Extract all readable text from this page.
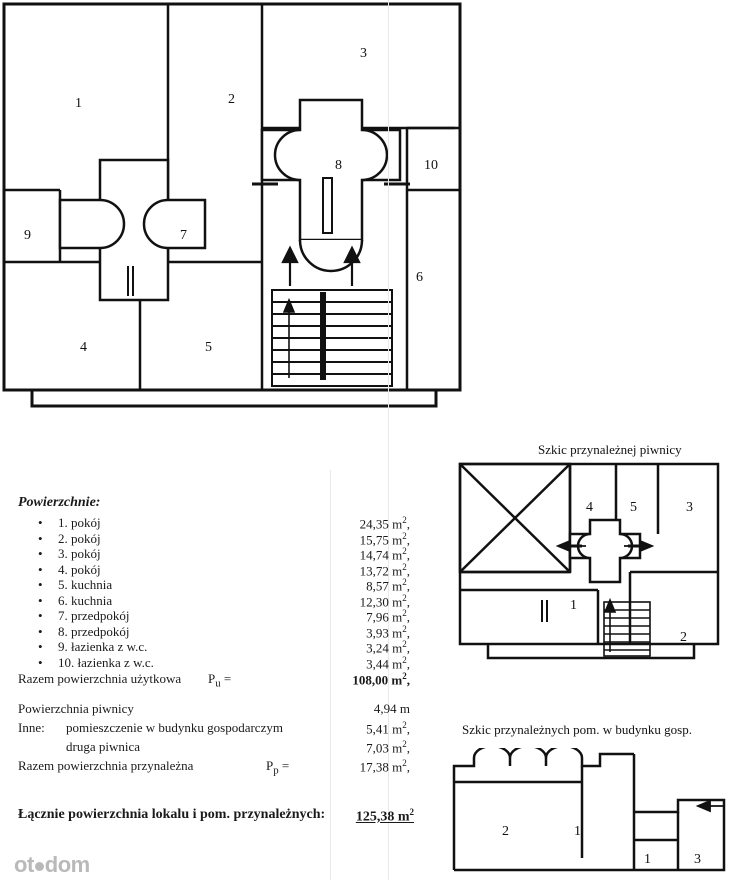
1	2
3
4	5
6
7
8
9
10
Powierzchnie:
• 1. pokój	24,35 $m^2$,
• 2. pokój	15,75 $m^2$,
• 3. pokój	14,74 $m^2$,
• 4. pokój	13,72 $m^2$,
• 5. kuchnia	8,57 $m^2$,
• 6. kuchnia	12,30 $m^2$,
• 7. przedpokój	7,96 $m^2$,
• 8. przedpokój	3,93 $m^2$,
• 9. łazienka z w.c.	3,24 $m^2$,
• 10. łazienka z w.c.	3,44 $m^2$,
Razem powierzchnia użytkowa $P_u$ =	108,00 $m^2$,
Powierzchnia piwnicy	4,94 m
Inne: pomieszczenie w budynku gospodarczym	5,41 $m^2$,
druga piwnica	7,03 $m^2$,
Razem powierzchnia przynależna	$P_p$ =	17,38 $m^2$,
Łącznie powierzchnia lokalu i pom. przynależnych:	125,38 $m^2$
Szkic przynależnej piwnicy
4	5	3
1
2
Szkic przynależnych pom. w budynku gosp.
2	1
1	3
ot dom
